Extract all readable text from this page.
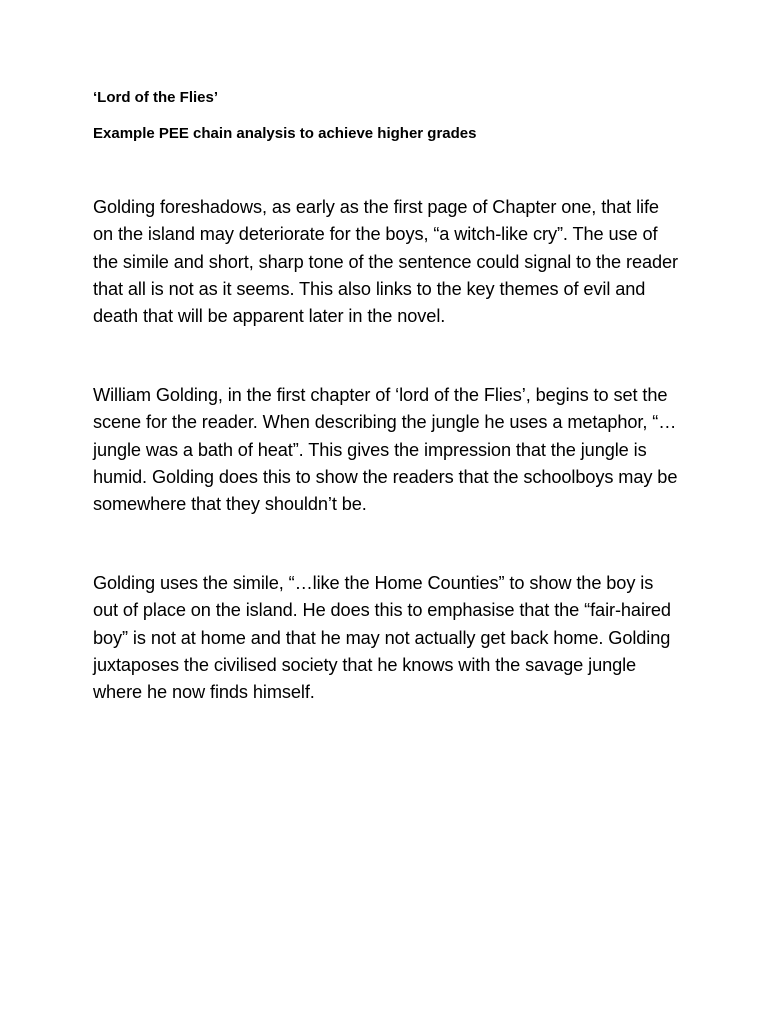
‘Lord of the Flies’

Example PEE chain analysis to achieve higher grades

Golding foreshadows, as early as the first page of Chapter one, that life on the island may deteriorate for the boys, “a witch-like cry”. The use of the simile and short, sharp tone of the sentence could signal to the reader that all is not as it seems. This also links to the key themes of evil and death that will be apparent later in the novel.

William Golding, in the first chapter of ‘lord of the Flies’, begins to set the scene for the reader. When describing the jungle he uses a metaphor, “…jungle was a bath of heat”. This gives the impression that the jungle is humid. Golding does this to show the readers that the schoolboys may be somewhere that they shouldn’t be.

Golding uses the simile, “…like the Home Counties” to show the boy is out of place on the island. He does this to emphasise that the “fair-haired boy” is not at home and that he may not actually get back home. Golding juxtaposes the civilised society that he knows with the savage jungle where he now finds himself.
